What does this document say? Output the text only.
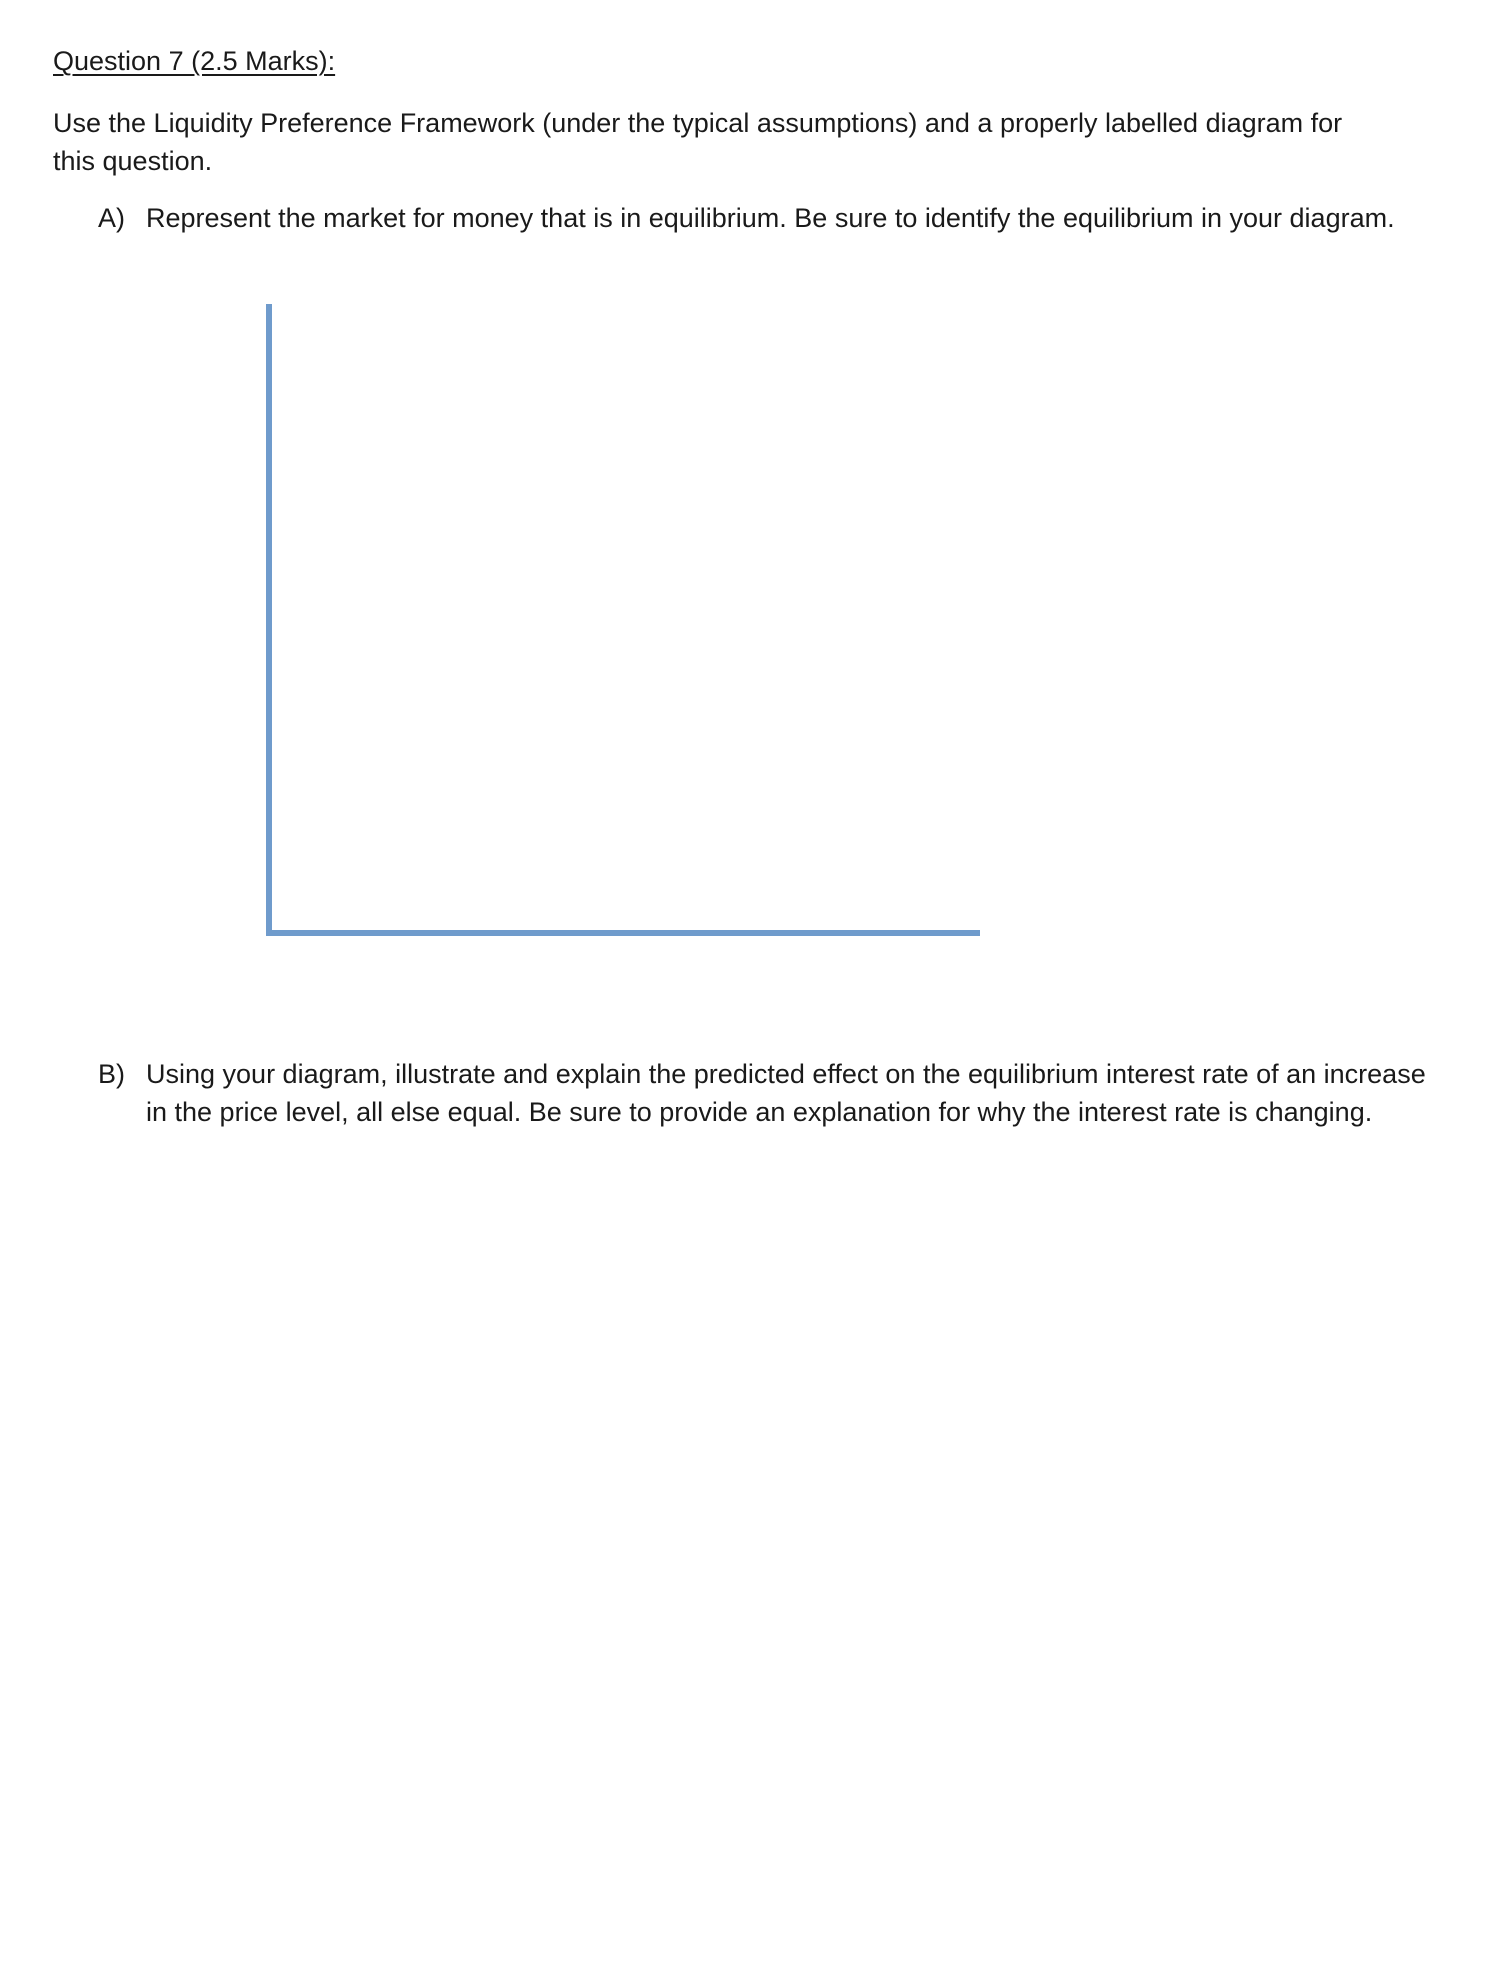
Question 7 (2.5 Marks):
Use the Liquidity Preference Framework (under the typical assumptions) and a properly labelled diagram for this question.
A) Represent the market for money that is in equilibrium. Be sure to identify the equilibrium in your diagram.
B) Using your diagram, illustrate and explain the predicted effect on the equilibrium interest rate of an increase in the price level, all else equal. Be sure to provide an explanation for why the interest rate is changing.
